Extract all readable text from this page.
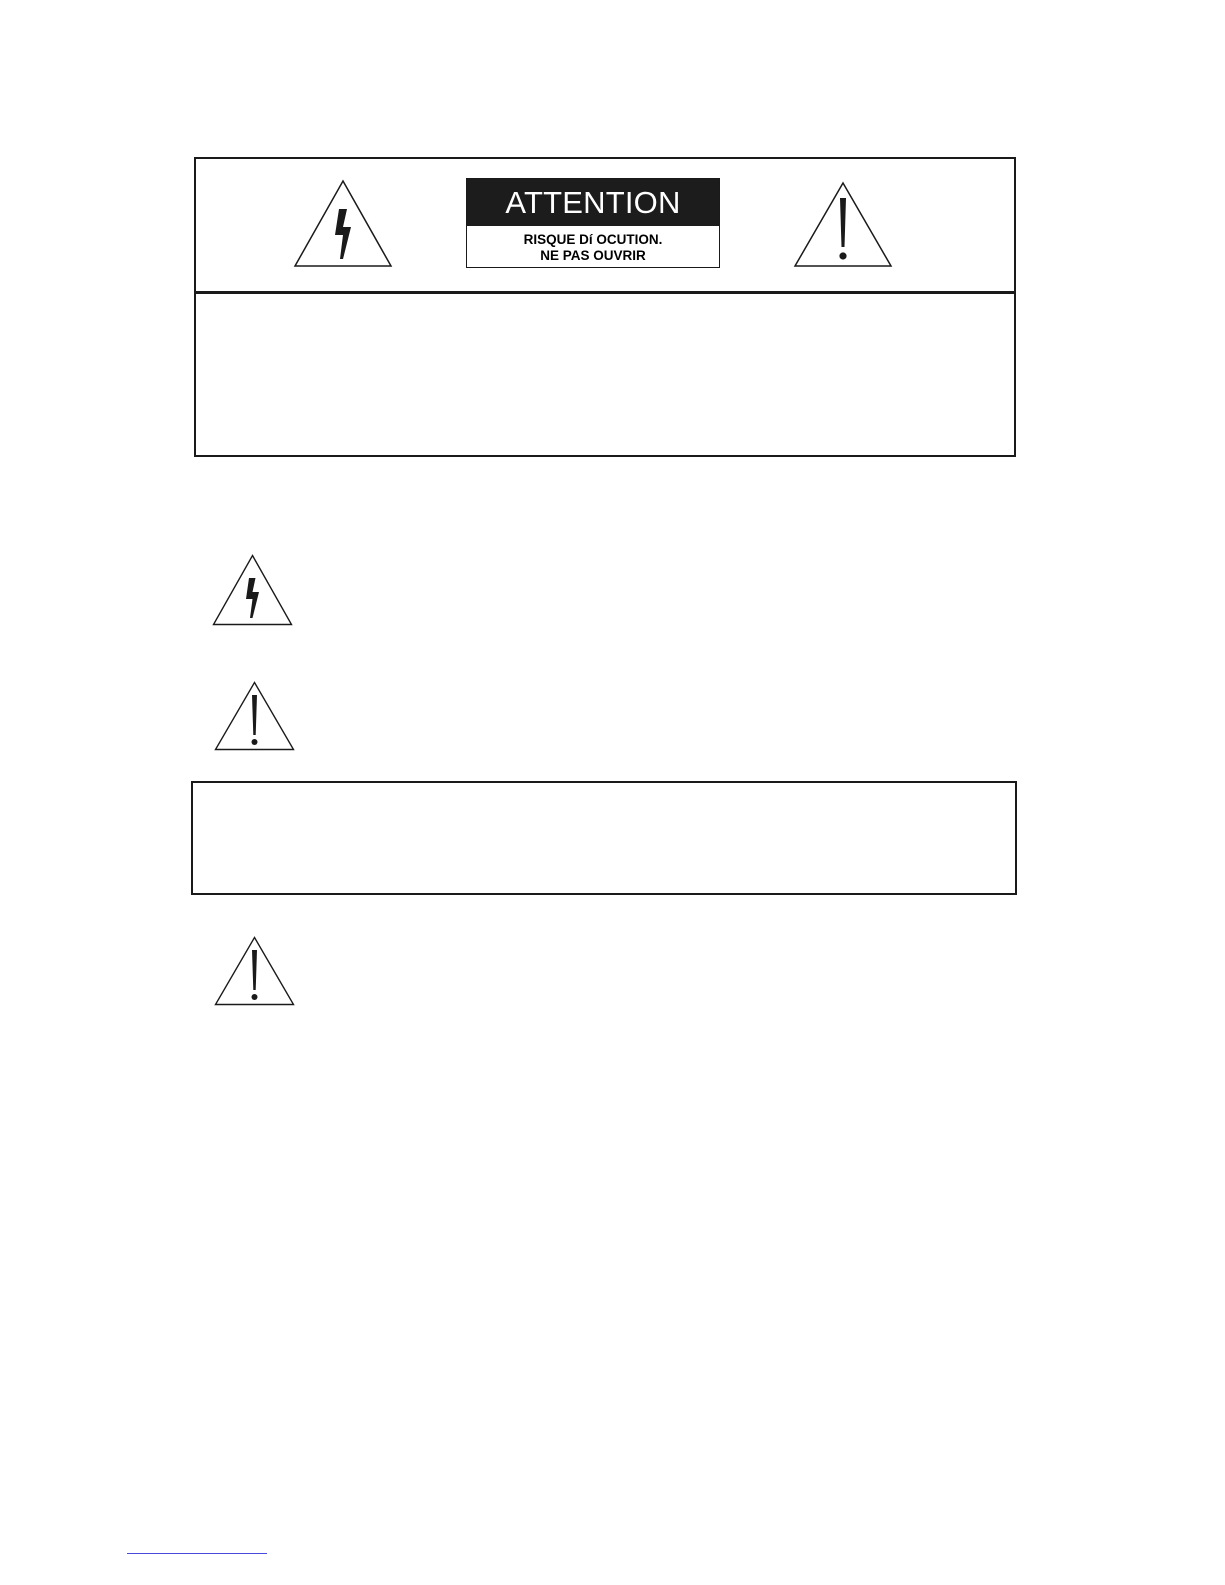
ATTENTION
RISQUE Dí OCUTION.
NE PAS OUVRIR
